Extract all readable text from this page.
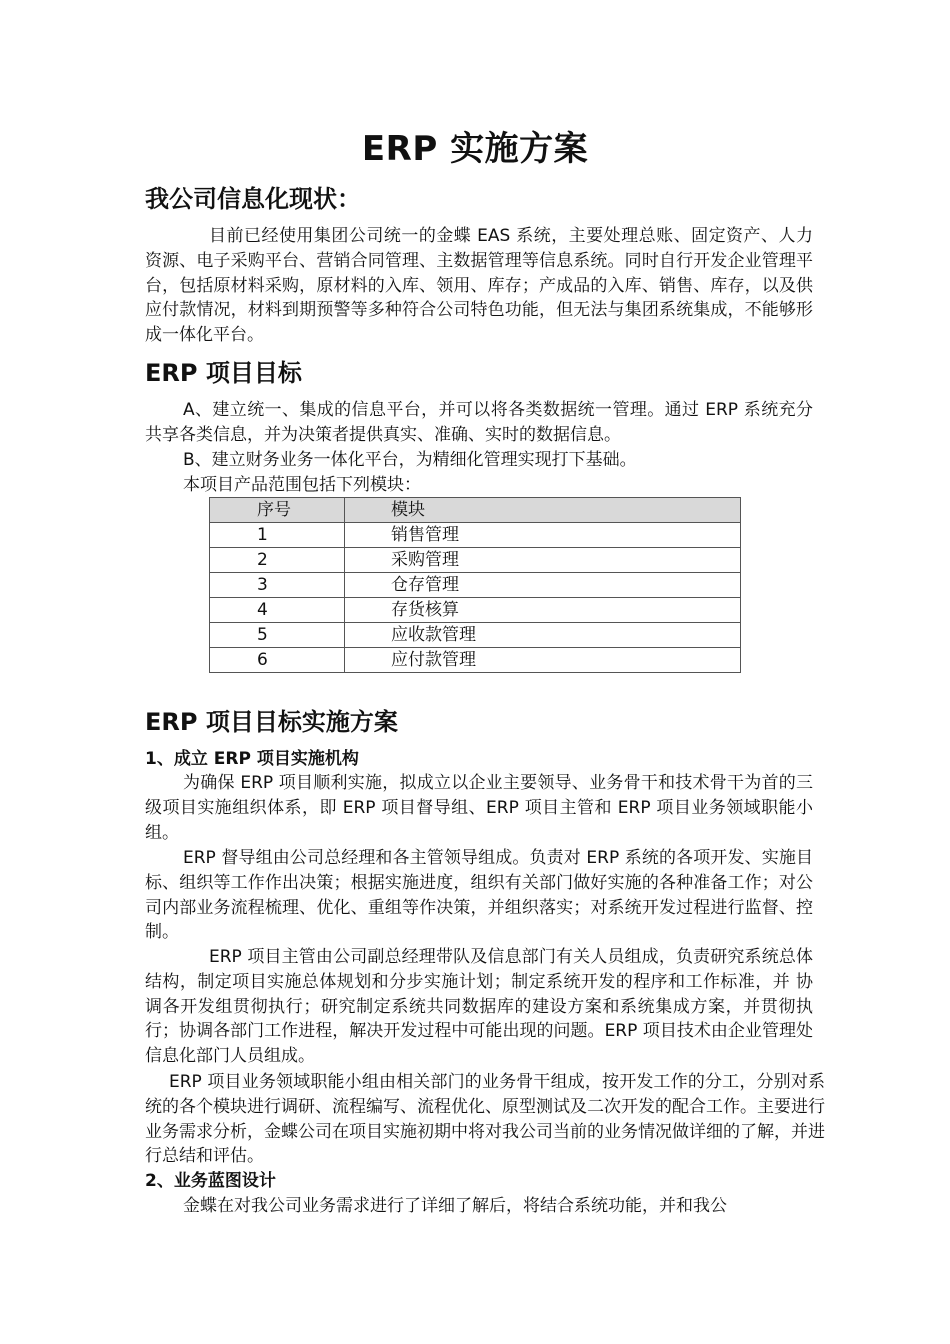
ERP 实施方案
我公司信息化现状：
目前已经使用集团公司统一的金蝶 EAS 系统，主要处理总账、固定资产、人力资源、电子采购平台、营销合同管理、主数据管理等信息系统。同时自行开发企业管理平台，包括原材料采购，原材料的入库、领用、库存；产成品的入库、销售、库存，以及供应付款情况，材料到期预警等多种符合公司特色功能，但无法与集团系统集成，不能够形成一体化平台。
ERP 项目目标
A、建立统一、集成的信息平台，并可以将各类数据统一管理。通过 ERP 系统充分共享各类信息，并为决策者提供真实、准确、实时的数据信息。
B、建立财务业务一体化平台，为精细化管理实现打下基础。
本项目产品范围包括下列模块：
序号	模块
1	销售管理
2	采购管理
3	仓存管理
4	存货核算
5	应收款管理
6	应付款管理
ERP 项目目标实施方案
1、成立 ERP 项目实施机构
为确保 ERP 项目顺利实施，拟成立以企业主要领导、业务骨干和技术骨干为首的三级项目实施组织体系，即 ERP 项目督导组、ERP 项目主管和 ERP 项目业务领域职能小组。
ERP 督导组由公司总经理和各主管领导组成。负责对 ERP 系统的各项开发、实施目标、组织等工作作出决策；根据实施进度，组织有关部门做好实施的各种准备工作；对公司内部业务流程梳理、优化、重组等作决策，并组织落实；对系统开发过程进行监督、控制。
ERP 项目主管由公司副总经理带队及信息部门有关人员组成，负责研究系统总体结构，制定项目实施总体规划和分步实施计划；制定系统开发的程序和工作标准，并 协调各开发组贯彻执行；研究制定系统共同数据库的建设方案和系统集成方案，并贯彻执行；协调各部门工作进程，解决开发过程中可能出现的问题。ERP 项目技术由企业管理处信息化部门人员组成。
ERP 项目业务领域职能小组由相关部门的业务骨干组成，按开发工作的分工，分别对系统的各个模块进行调研、流程编写、流程优化、原型测试及二次开发的配合工作。主要进行业务需求分析，金蝶公司在项目实施初期中将对我公司当前的业务情况做详细的了解，并进行总结和评估。
2、业务蓝图设计
金蝶在对我公司业务需求进行了详细了解后，将结合系统功能，并和我公
